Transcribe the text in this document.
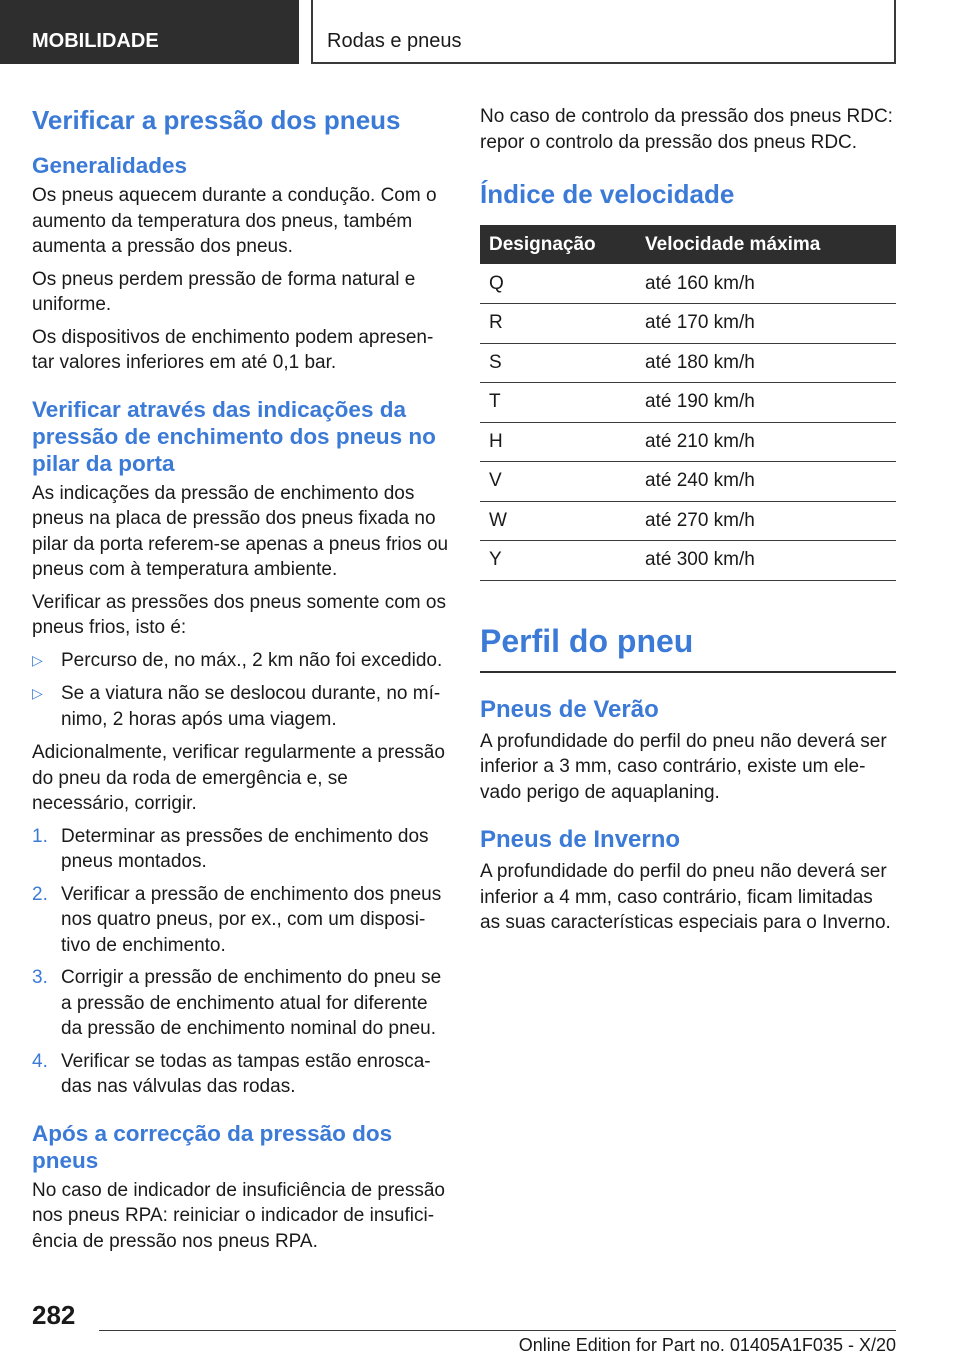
MOBILIDADE	Rodas e pneus
Verificar a pressão dos pneus
Generalidades

Os pneus aquecem durante a condução. Com o aumento da temperatura dos pneus, também aumenta a pressão dos pneus.

Os pneus perdem pressão de forma natural e uniforme.

Os dispositivos de enchimento podem apresen-tar valores inferiores em até 0,1 bar.

Verificar através das indicações da pressão de enchimento dos pneus no pilar da porta

As indicações da pressão de enchimento dos pneus na placa de pressão dos pneus fixada no pilar da porta referem-se apenas a pneus frios ou pneus com à temperatura ambiente.

Verificar as pressões dos pneus somente com os pneus frios, isto é:

▷ Percurso de, no máx., 2 km não foi excedido.
▷ Se a viatura não se deslocou durante, no mí-nimo, 2 horas após uma viagem.

Adicionalmente, verificar regularmente a pressão do pneu da roda de emergência e, se necessário, corrigir.

1. Determinar as pressões de enchimento dos pneus montados.
2. Verificar a pressão de enchimento dos pneus nos quatro pneus, por ex., com um disposi-tivo de enchimento.
3. Corrigir a pressão de enchimento do pneu se a pressão de enchimento atual for diferente da pressão de enchimento nominal do pneu.
4. Verificar se todas as tampas estão enrosca-das nas válvulas das rodas.
Após a correcção da pressão dos pneus

No caso de indicador de insuficiência de pressão nos pneus RPA: reiniciar o indicador de insufici-ência de pressão nos pneus RPA.

No caso de controlo da pressão dos pneus RDC: repor o controlo da pressão dos pneus RDC.

Índice de velocidade
Designação	Velocidade máxima
Q	até 160 km/h
R	até 170 km/h
S	até 180 km/h
T	até 190 km/h
H	até 210 km/h
V	até 240 km/h
W	até 270 km/h
Y	até 300 km/h
Perfil do pneu
Pneus de Verão

A profundidade do perfil do pneu não deverá ser inferior a 3 mm, caso contrário, existe um ele-vado perigo de aquaplaning.

Pneus de Inverno

A profundidade do perfil do pneu não deverá ser inferior a 4 mm, caso contrário, ficam limitadas as suas características especiais para o Inverno.

282
Online Edition for Part no. 01405A1F035 - X/20
